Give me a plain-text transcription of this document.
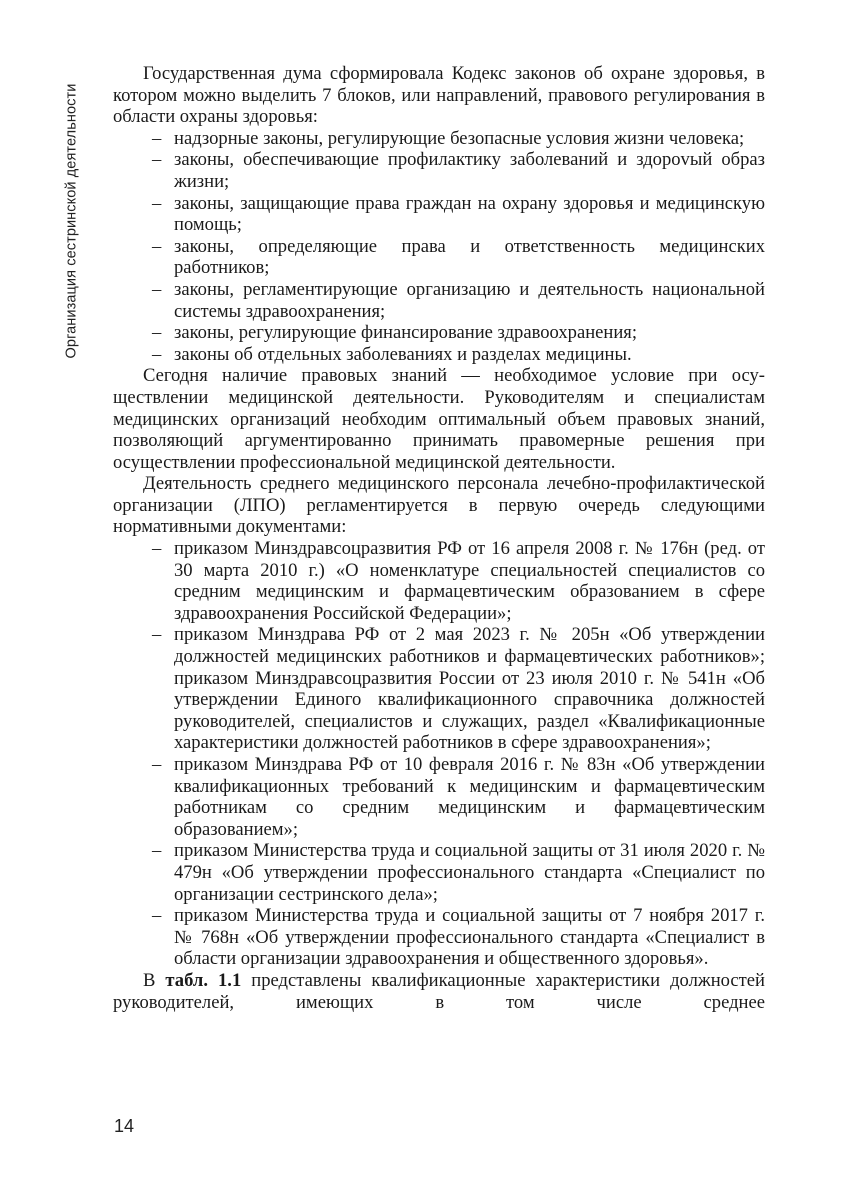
Организация сестринской деятельности

Государственная дума сформировала Кодекс законов об охране здоровья, в котором можно выделить 7 блоков, или направлений, правового регулирования в области охраны здоровья:

– надзорные законы, регулирующие безопасные условия жизни человека;
– законы, обеспечивающие профилактику заболеваний и здороvый образ жизни;
– законы, защищающие права граждан на охрану здоровья и медицинскую помощь;
– законы, определяющие права и ответственность медицинских работников;
– законы, регламентирующие организацию и деятельность национальной системы здравоохранения;
– законы, регулирующие финансирование здравоохранения;
– законы об отдельных заболеваниях и разделах медицины.

Сегодня наличие правовых знаний — необходимое условие при осуществлении медицинской деятельности. Руководителям и специалистам медицинских организаций необходим оптимальный объем правовых знаний, позволяющий аргументированно принимать правомерные решения при осуществлении профессиональной медицинской деятельности.

Деятельность среднего медицинского персонала лечебно-профилактической организации (ЛПО) регламентируется в первую очередь следующими нормативными документами:

– приказом Минздравсоцразвития РФ от 16 апреля 2008 г. № 176н (ред. от 30 марта 2010 г.) «О номенклатуре специальностей специалистов со средним медицинским и фармацевтическим образованием в сфере здравоохранения Российской Федерации»;
– приказом Минздрава РФ от 2 мая 2023 г. № 205н «Об утверждении должностей медицинских работников и фармацевтических работников»; приказом Минздравсоцразвития России от 23 июля 2010 г. № 541н «Об утверждении Единого квалификационного справочника должностей руководителей, специалистов и служащих, раздел «Квалификационные характеристики должностей работников в сфере здравоохранения»;
– приказом Минздрава РФ от 10 февраля 2016 г. № 83н «Об утверждении квалификационных требований к медицинским и фармацевтическим работникам со средним медицинским и фармацевтическим образованием»;
– приказом Министерства труда и социальной защиты от 31 июля 2020 г. № 479н «Об утверждении профессионального стандарта «Специалист по организации сестринского дела»;
– приказом Министерства труда и социальной защиты от 7 ноября 2017 г. № 768н «Об утверждении профессионального стандарта «Специалист в области организации здравоохранения и общественного здоровья».

В табл. 1.1 представлены квалификационные характеристики должностей руководителей, имеющих в том числе среднее

14
